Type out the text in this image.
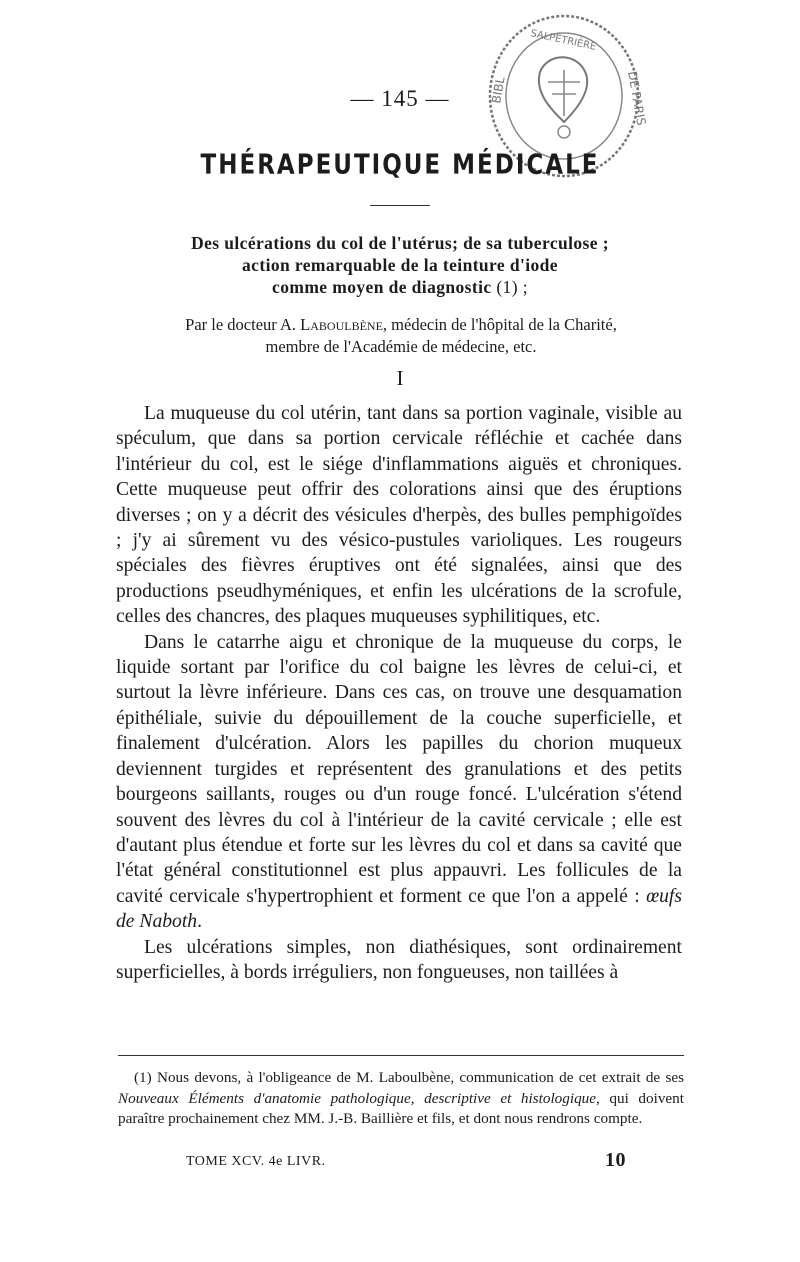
— 145 —	BIBL
SALPÊTRIÈRE
DE PARIS
THÉRAPEUTIQUE MÉDICALE
Des ulcérations du col de l'utérus; de sa tuberculose ;
action remarquable de la teinture d'iode
comme moyen de diagnostic (1) ;
Par le docteur A. Laboulbène, médecin de l'hôpital de la Charité,
membre de l'Académie de médecine, etc.
I

La muqueuse du col utérin, tant dans sa portion vaginale, visible au spéculum, que dans sa portion cervicale réfléchie et cachée dans l'intérieur du col, est le siége d'inflammations aiguës et chroniques. Cette muqueuse peut offrir des colorations ainsi que des éruptions diverses ; on y a décrit des vésicules d'herpès, des bulles pemphigoïdes ; j'y ai sûrement vu des vésico-pustules varioliques. Les rougeurs spéciales des fièvres éruptives ont été signalées, ainsi que des productions pseudhyméniques, et enfin les ulcérations de la scrofule, celles des chancres, des plaques muqueuses syphilitiques, etc.

Dans le catarrhe aigu et chronique de la muqueuse du corps, le liquide sortant par l'orifice du col baigne les lèvres de celui-ci, et surtout la lèvre inférieure. Dans ces cas, on trouve une desquamation épithéliale, suivie du dépouillement de la couche superficielle, et finalement d'ulcération. Alors les papilles du chorion muqueux deviennent turgides et représentent des granulations et des petits bourgeons saillants, rouges ou d'un rouge foncé. L'ulcération s'étend souvent des lèvres du col à l'intérieur de la cavité cervicale ; elle est d'autant plus étendue et forte sur les lèvres du col et dans sa cavité que l'état général constitutionnel est plus appauvri. Les follicules de la cavité cervicale s'hypertrophient et forment ce que l'on a appelé : œufs de Naboth.

Les ulcérations simples, non diathésiques, sont ordinairement superficielles, à bords irréguliers, non fongueuses, non taillées à

(1) Nous devons, à l'obligeance de M. Laboulbène, communication de cet extrait de ses Nouveaux Éléments d'anatomie pathologique, descriptive et histologique, qui doivent paraître prochainement chez MM. J.-B. Baillière et fils, et dont nous rendrons compte.

TOME XCV. 4e LIVR.	10
